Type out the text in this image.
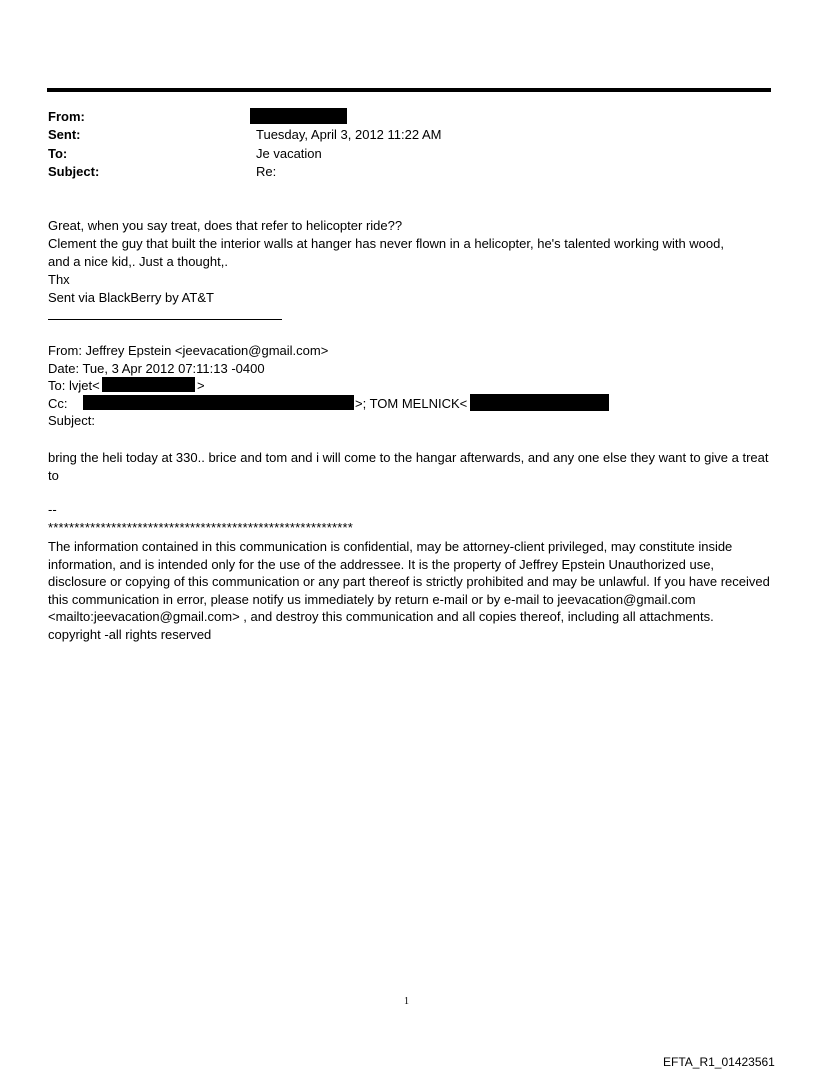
From:
Sent:	Tuesday, April 3, 2012 11:22 AM
To:	Je vacation
Subject:	Re:
Great, when you say treat, does that refer to helicopter ride??
Clement the guy that built the interior walls at hanger has never flown in a helicopter, he's talented working with wood,
and a nice kid,. Just a thought,.
Thx
Sent via BlackBerry by AT&T
From: Jeffrey Epstein <jeevacation@gmail.com>
Date: Tue, 3 Apr 2012 07:11:13 -0400
To: lvjet<	>
Cc:	>; TOM MELNICK<
Subject:
bring the heli today at 330.. brice and tom and i will come to the hangar afterwards, and any one else they want to give a treat to
--
**********************************************************
The information contained in this communication is confidential, may be attorney-client privileged, may constitute inside information, and is intended only for the use of the addressee. It is the property of Jeffrey Epstein Unauthorized use, disclosure or copying of this communication or any part thereof is strictly prohibited and may be unlawful. If you have received this communication in error, please notify us immediately by return e-mail or by e-mail to jeevacation@gmail.com <mailto:jeevacation@gmail.com> , and destroy this communication and all copies thereof, including all attachments. copyright -all rights reserved
1
EFTA_R1_01423561
